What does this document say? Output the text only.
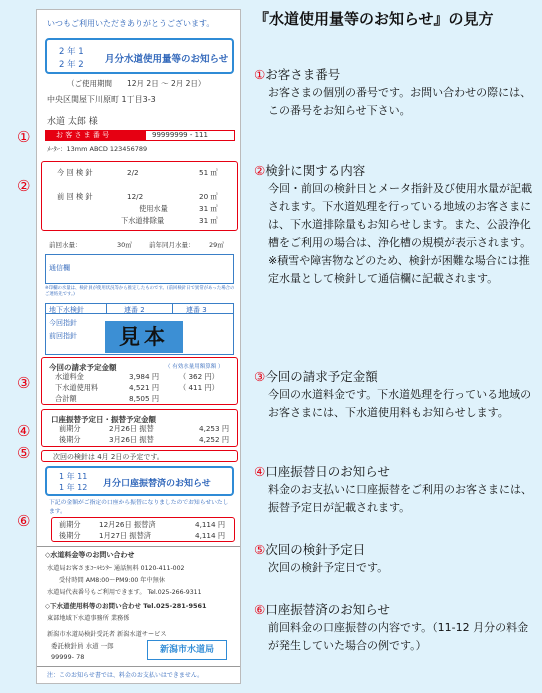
いつもご利用いただきありがとうございます。
2 年 1
2 年 2 月分水道使用量等のお知らせ
（ご使用期間 12月 2日 ～ 2月 2日）
中央区関屋下川原町 1丁目3-3
水道 太郎 様
お 客 さ ま 番 号	99999999 - 111
ﾒｰﾀｰ：13mm ABCD 123456789
今 回 検 針	2/2	51 ㎥
前 回 検 針	12/2	20 ㎥
使用水量	31 ㎥
下水道排除量	31 ㎥
前回水量：	30㎥	前年同月水量： 29㎥
通信欄
※印欄の水量は、検針員が使用状況等から推定したものです。(前回検針日で異常があった場合のご連絡先です。)
地下水検針	連番 2	連番 3
今回指針
前回指針	見本
今回の請求予定金額	（ 有効水量用額算額 ）
水道料金	3,984 円	（ 362 円）
下水道使用料	4,521 円	（ 411 円）
合計額	8,505 円
口座振替予定日・振替予定金額
前期分	2月26日 振替	4,253 円
後期分	3月26日 振替	4,252 円
次回の検針は 4月 2日の予定です。
1 年 11
1 年 12 月分口座振替済のお知らせ
下記の金額がご指定の口座から振替になりましたのでお知らせいたします。
前期分	12月26日 振替済	4,114 円
後期分	1月27日 振替済	4,114 円
◇水道料金等のお問い合わせ
水道局お客さまｺｰﾙｾﾝﾀｰ 通話無料 0120-411-002
受付時間 AM8:00～PM9:00 年中無休
水道局代表番号もご利用できます。 Tel.025-266-9311
◇下水道使用料等のお問い合わせ Tel.025-281-9561
東部地域下水道事務所 業務係
新潟市水道局検針受託者 新潟水道サービス
委託検針員 水道 一郎
99999- 78
新潟市水道局
注：このお知らせ書では、料金のお支払いはできません。
①
②
③
④
⑤
⑥
『水道使用量等のお知らせ』の見方
①お客さま番号
お客さまの個別の番号です。お問い合わせの際には、この番号をお知らせ下さい。
②検針に関する内容
今回・前回の検針日とメータ指針及び使用水量が記載されます。下水道処理を行っている地域のお客さまには、下水道排除量もお知らせします。また、公設浄化槽をご利用の場合は、浄化槽の規模が表示されます。※積雪や障害物などのため、検針が困難な場合には推定水量として検針して通信欄に記載されます。
③今回の請求予定金額
今回の水道料金です。下水道処理を行っている地域のお客さまには、下水道使用料もお知らせします。
④口座振替日のお知らせ
料金のお支払いに口座振替をご利用のお客さまには、振替予定日が記載されます。
⑤次回の検針予定日
次回の検針予定日です。
⑥口座振替済のお知らせ
前回料金の口座振替の内容です。（11-12 月分の料金が発生していた場合の例です。）
